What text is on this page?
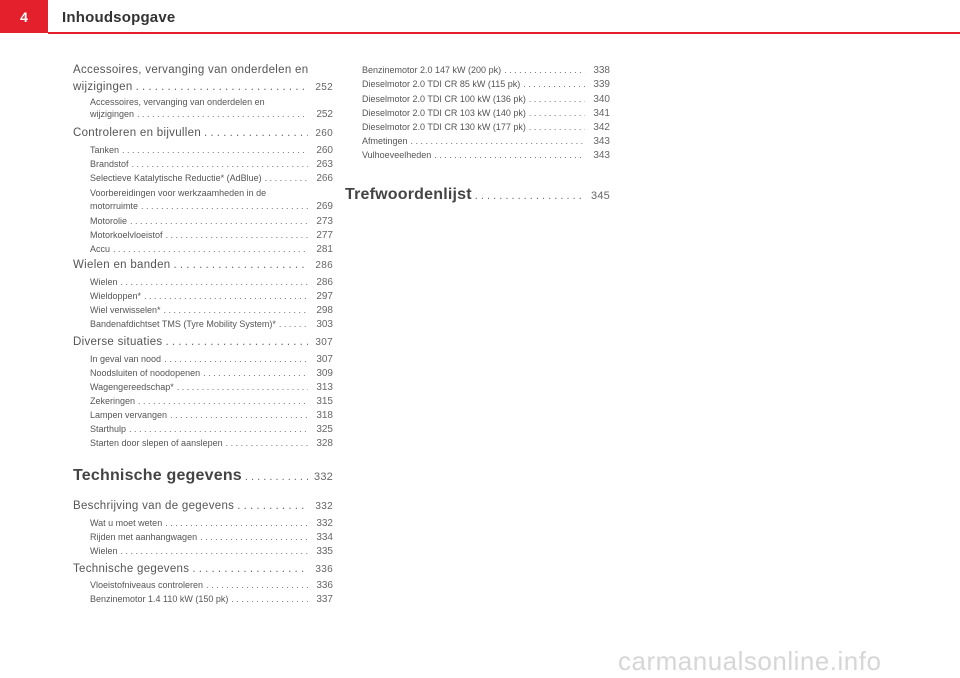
4	Inhoudsopgave
Accessoires, vervanging van onderdelen en
wijzigingen . . .	252
Accessoires, vervanging van onderdelen en
wijzigingen . . .	252
Controleren en bijvullen . . .	260
Tanken . . .	260
Brandstof . . .	263
Selectieve Katalytische Reductie* (AdBlue) . . .	266
Voorbereidingen voor werkzaamheden in de
motorruimte . . .	269
Motorolie . . .	273
Motorkoelvloeistof . . .	277
Accu . . .	281
Wielen en banden . . .	286
Wielen . . .	286
Wieldoppen* . . .	297
Wiel verwisselen* . . .	298
Bandenafdichtset TMS (Tyre Mobility System)* . . .	303
Diverse situaties . . .	307
In geval van nood . . .	307
Noodsluiten of noodopenen . . .	309
Wagengereedschap* . . .	313
Zekeringen . . .	315
Lampen vervangen . . .	318
Starthulp . . .	325
Starten door slepen of aanslepen . . .	328
Technische gegevens . . .	332
Beschrijving van de gegevens . . .	332
Wat u moet weten . . .	332
Rijden met aanhangwagen . . .	334
Wielen . . .	335
Technische gegevens . . .	336
Vloeistofniveaus controleren . . .	336
Benzinemotor 1.4 110 kW (150 pk) . . .	337
Benzinemotor 2.0 147 kW (200 pk) . . .	338
Dieselmotor 2.0 TDI CR 85 kW (115 pk) . . .	339
Dieselmotor 2.0 TDI CR 100 kW (136 pk) . . .	340
Dieselmotor 2.0 TDI CR 103 kW (140 pk) . . .	341
Dieselmotor 2.0 TDI CR 130 kW (177 pk) . . .	342
Afmetingen . . .	343
Vulhoeveelheden . . .	343
Trefwoordenlijst . . .	345
carmanualsonline.info
